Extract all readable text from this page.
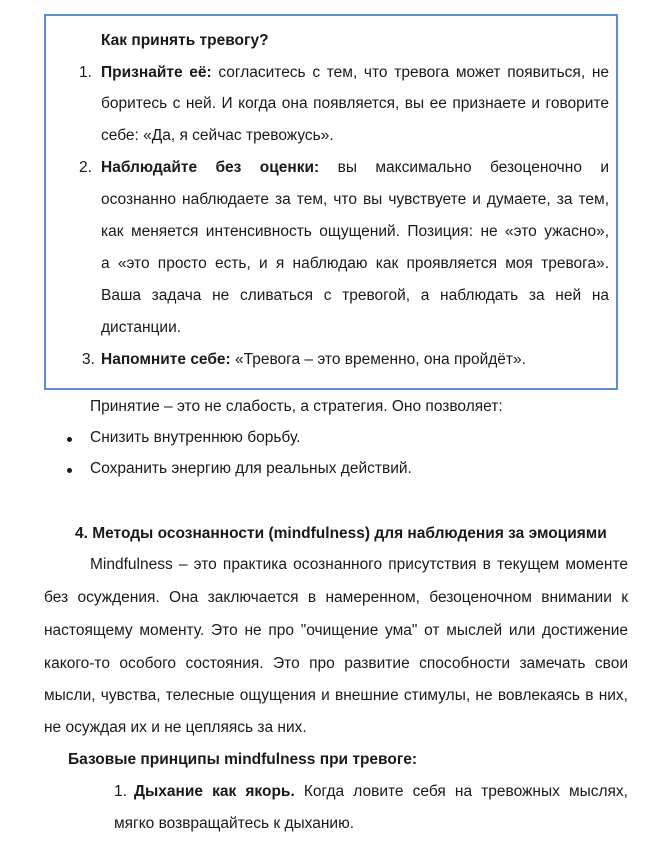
Как принять тревогу?
1. Признайте её: согласитесь с тем, что тревога может появиться, не
боритесь с ней. И когда она появляется, вы ее признаете и говорите
себе: «Да, я сейчас тревожусь».
2. Наблюдайте без оценки: вы максимально безоценочно и
осознанно наблюдаете за тем, что вы чувствуете и думаете, за тем,
как меняется интенсивность ощущений. Позиция: не «это ужасно»,
а «это просто есть, и я наблюдаю как проявляется моя тревога».
Ваша задача не сливаться с тревогой, а наблюдать за ней на
дистанции.
3. Напомните себе: «Тревога – это временно, она пройдёт».
Принятие – это не слабость, а стратегия. Оно позволяет:
Снизить внутреннюю борьбу.
Сохранить энергию для реальных действий.
4. Методы осознанности (mindfulness) для наблюдения за эмоциями
Mindfulness – это практика осознанного присутствия в текущем моменте
без осуждения. Она заключается в намеренном, безоценочном внимании к
настоящему моменту. Это не про "очищение ума" от мыслей или достижение
какого-то особого состояния. Это про развитие способности замечать свои
мысли, чувства, телесные ощущения и внешние стимулы, не вовлекаясь в них,
не осуждая их и не цепляясь за них.
Базовые принципы mindfulness при тревоге:
1. Дыхание как якорь. Когда ловите себя на тревожных мыслях,
мягко возвращайтесь к дыханию.
